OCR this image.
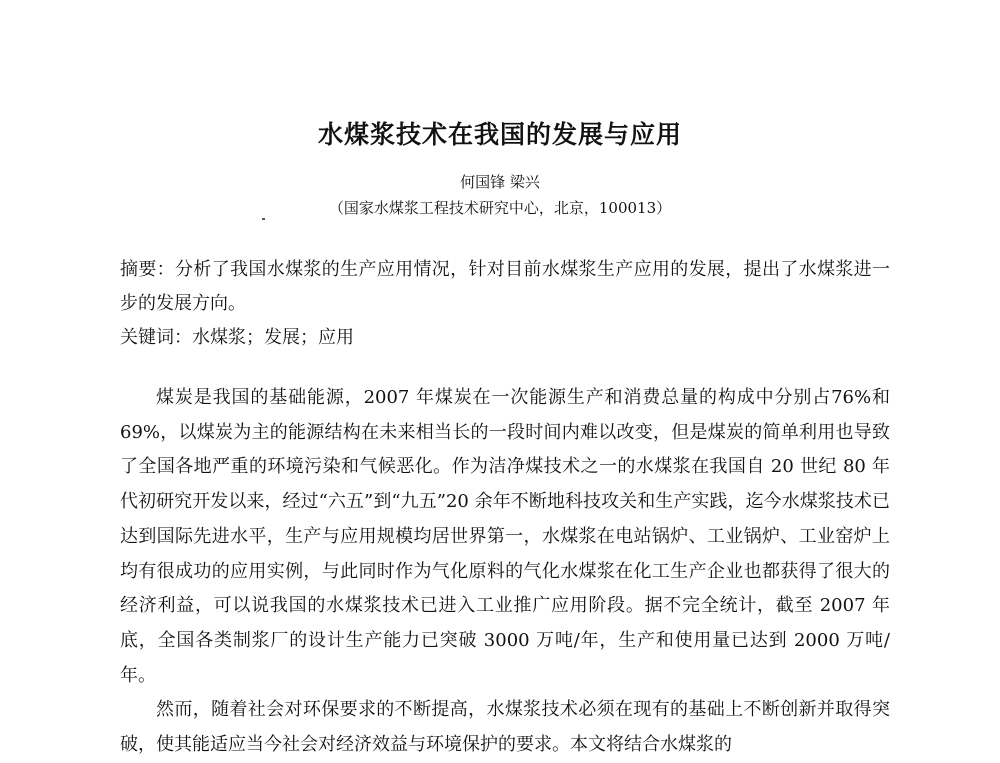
水煤浆技术在我国的发展与应用
何国锋 梁兴
（国家水煤浆工程技术研究中心，北京，100013）
摘要：分析了我国水煤浆的生产应用情况，针对目前水煤浆生产应用的发展，提出了水煤浆进一步的发展方向。
关键词：水煤浆；发展；应用

煤炭是我国的基础能源，2007 年煤炭在一次能源生产和消费总量的构成中分别占76%和 69%，以煤炭为主的能源结构在未来相当长的一段时间内难以改变，但是煤炭的简单利用也导致了全国各地严重的环境污染和气候恶化。作为洁净煤技术之一的水煤浆在我国自 20 世纪 80 年代初研究开发以来，经过“六五”到“九五”20 余年不断地科技攻关和生产实践，迄今水煤浆技术已达到国际先进水平，生产与应用规模均居世界第一，水煤浆在电站锅炉、工业锅炉、工业窑炉上均有很成功的应用实例，与此同时作为气化原料的气化水煤浆在化工生产企业也都获得了很大的经济利益，可以说我国的水煤浆技术已进入工业推广应用阶段。据不完全统计，截至 2007 年底，全国各类制浆厂的设计生产能力已突破 3000 万吨/年，生产和使用量已达到 2000 万吨/年。

然而，随着社会对环保要求的不断提高，水煤浆技术必须在现有的基础上不断创新并取得突破，使其能适应当今社会对经济效益与环境保护的要求。本文将结合水煤浆的
